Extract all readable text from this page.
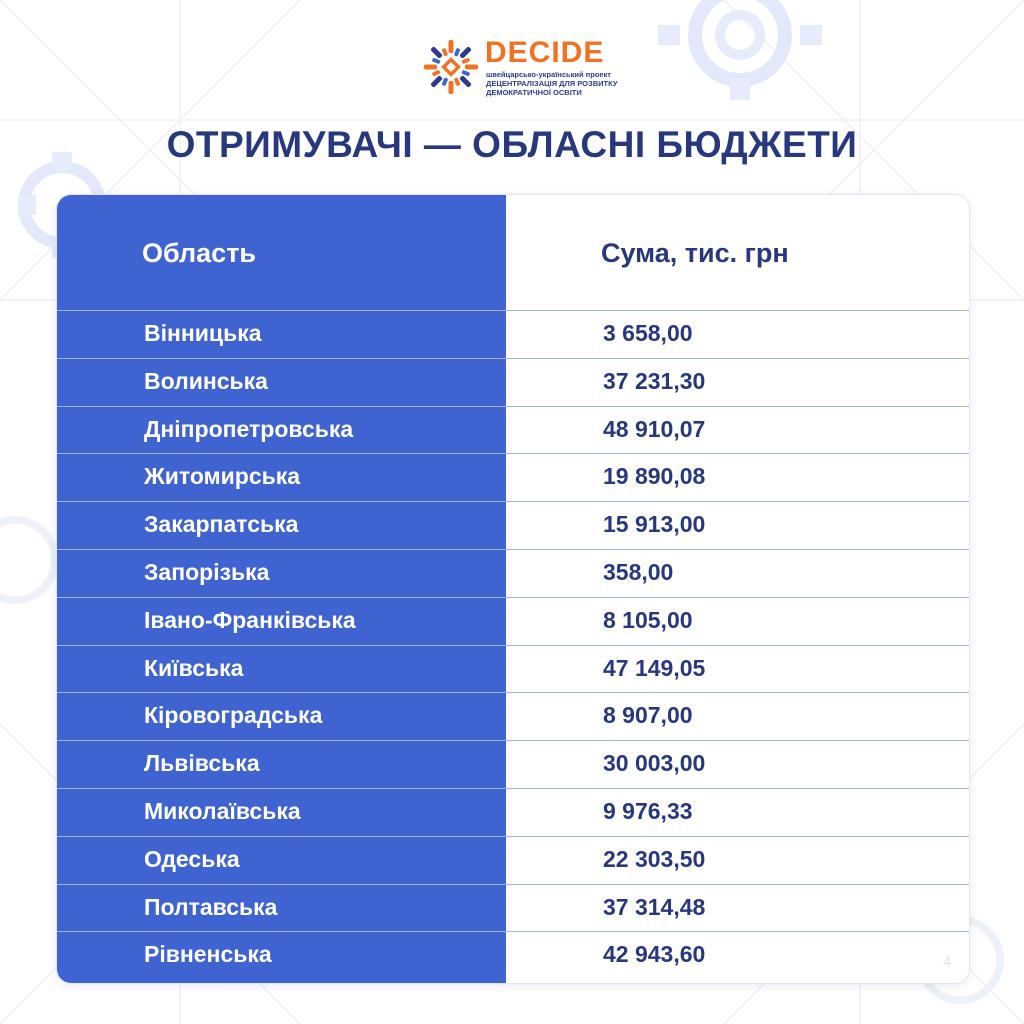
DECIDE
швейцарсько-український проект
ДЕЦЕНТРАЛІЗАЦІЯ ДЛЯ РОЗВИТКУ
ДЕМОКРАТИЧНОЇ ОСВІТИ
ОТРИМУВАЧІ — ОБЛАСНІ БЮДЖЕТИ
Область	Сума, тис. грн
Вінницька	3 658,00
Волинська	37 231,30
Дніпропетровська	48 910,07
Житомирська	19 890,08
Закарпатська	15 913,00
Запорізька	358,00
Івано-Франківська	8 105,00
Київська	47 149,05
Кіровоградська	8 907,00
Львівська	30 003,00
Миколаївська	9 976,33
Одеська	22 303,50
Полтавська	37 314,48
Рівненська	42 943,60	4
